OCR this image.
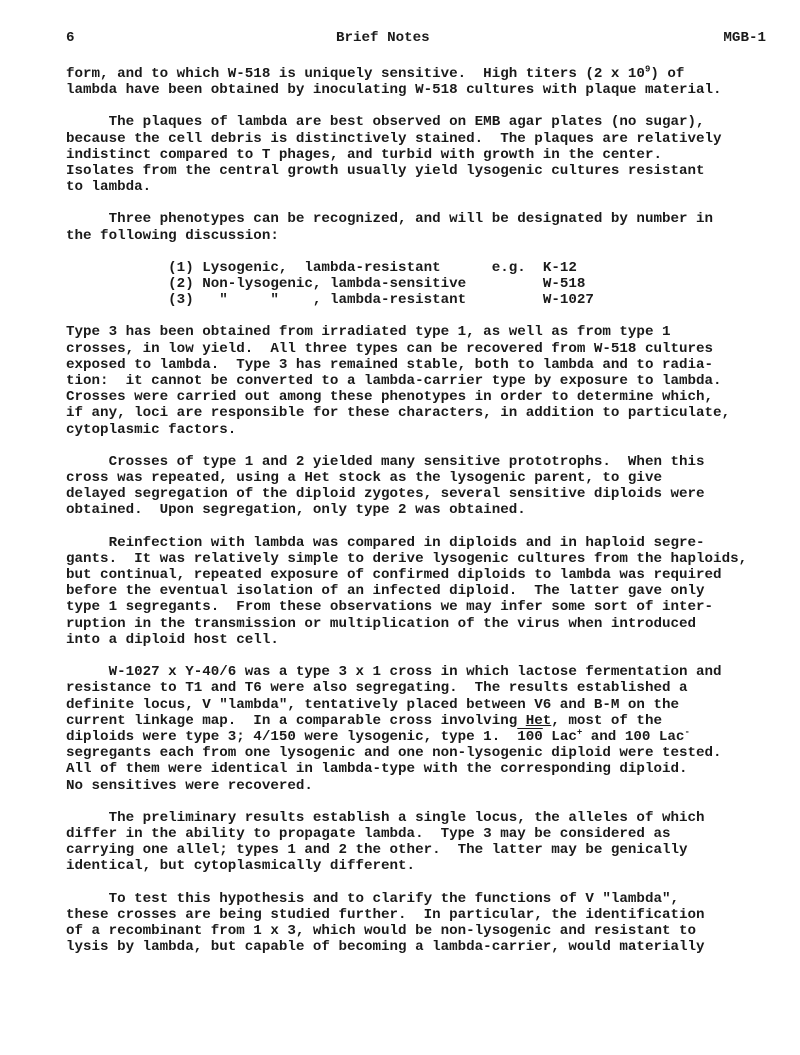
6	Brief Notes	MGB-1

form, and to which W-518 is uniquely sensitive.  High titers (2 x $10^9$) of
lambda have been obtained by inoculating W-518 cultures with plaque material.

The plaques of lambda are best observed on EMB agar plates (no sugar),
because the cell debris is distinctively stained.  The plaques are relatively
indistinct compared to T phages, and turbid with growth in the center.
Isolates from the central growth usually yield lysogenic cultures resistant
to lambda.

Three phenotypes can be recognized, and will be designated by number in
the following discussion:

(1) Lysogenic,  lambda-resistant      e.g.  K-12
(2) Non-lysogenic, lambda-sensitive	W-518
(3)   "     "    , lambda-resistant	W-1027

Type 3 has been obtained from irradiated type 1, as well as from type 1
crosses, in low yield.  All three types can be recovered from W-518 cultures
exposed to lambda.  Type 3 has remained stable, both to lambda and to radia-
tion:  it cannot be converted to a lambda-carrier type by exposure to lambda.
Crosses were carried out among these phenotypes in order to determine which,
if any, loci are responsible for these characters, in addition to particulate,
cytoplasmic factors.

Crosses of type 1 and 2 yielded many sensitive prototrophs.  When this
cross was repeated, using a Het stock as the lysogenic parent, to give
delayed segregation of the diploid zygotes, several sensitive diploids were
obtained.  Upon segregation, only type 2 was obtained.

Reinfection with lambda was compared in diploids and in haploid segre-
gants.  It was relatively simple to derive lysogenic cultures from the haploids,
but continual, repeated exposure of confirmed diploids to lambda was required
before the eventual isolation of an infected diploid.  The latter gave only
type 1 segregants.  From these observations we may infer some sort of inter-
ruption in the transmission or multiplication of the virus when introduced
into a diploid host cell.

W-1027 x Y-40/6 was a type 3 x 1 cross in which lactose fermentation and
resistance to T1 and T6 were also segregating.  The results established a
definite locus, V "lambda", tentatively placed between V6 and B-M on the
current linkage map.  In a comparable cross involving Het, most of the
diploids were type 3; 4/150 were lysogenic, type 1.  100 Lac+ and 100 Lac-
segregants each from one lysogenic and one non-lysogenic diploid were tested.
All of them were identical in lambda-type with the corresponding diploid.
No sensitives were recovered.

The preliminary results establish a single locus, the alleles of which
differ in the ability to propagate lambda.  Type 3 may be considered as
carrying one allel; types 1 and 2 the other.  The latter may be genically
identical, but cytoplasmically different.

To test this hypothesis and to clarify the functions of V "lambda",
these crosses are being studied further.  In particular, the identification
of a recombinant from 1 x 3, which would be non-lysogenic and resistant to
lysis by lambda, but capable of becoming a lambda-carrier, would materially
